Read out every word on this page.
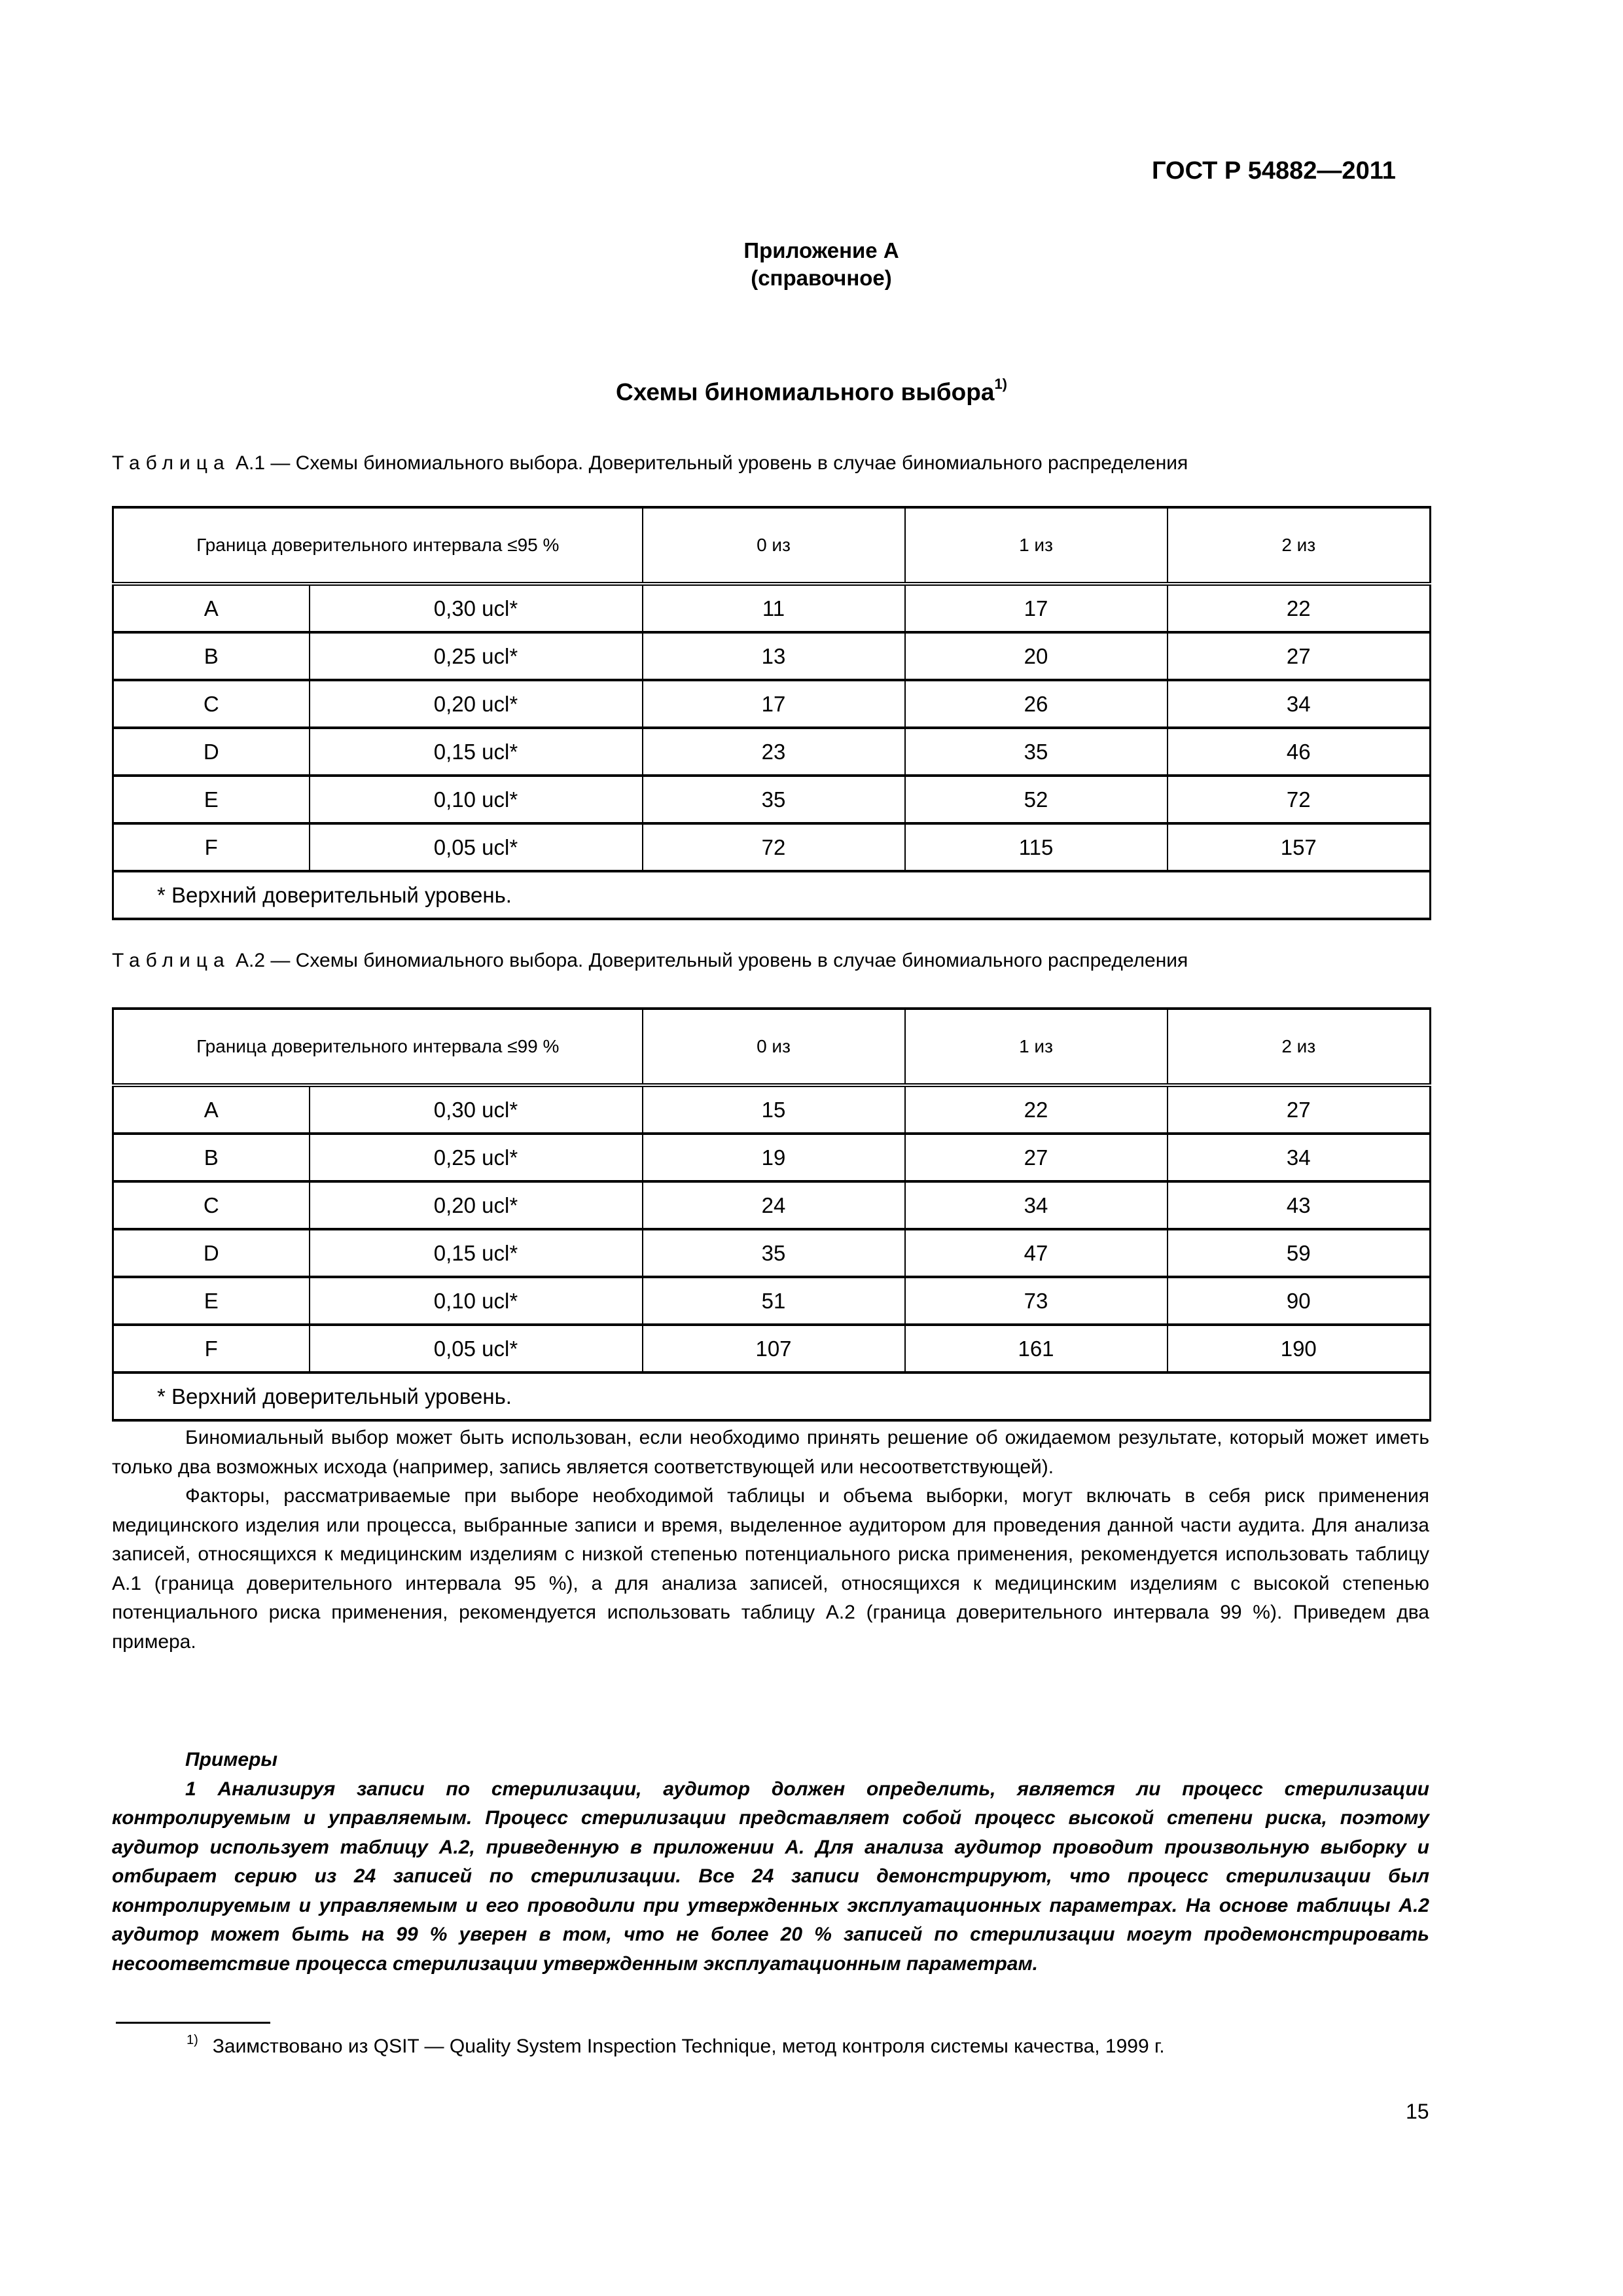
ГОСТ Р 54882—2011
Приложение А
(справочное)
Схемы биномиального выбора$^{1)}$
Таблица А.1 — Схемы биномиального выбора. Доверительный уровень в случае биномиального распределения
Граница доверительного интервала ≤95 %		0 из	1 из	2 из
A	0,30 ucl*	11	17	22
B	0,25 ucl*	13	20	27
C	0,20 ucl*	17	26	34
D	0,15 ucl*	23	35	46
E	0,10 ucl*	35	52	72
F	0,05 ucl*	72	115	157
* Верхний доверительный уровень.				
Таблица А.2 — Схемы биномиального выбора. Доверительный уровень в случае биномиального распределения
Граница доверительного интервала ≤99 %		0 из	1 из	2 из
A	0,30 ucl*	15	22	27
B	0,25 ucl*	19	27	34
C	0,20 ucl*	24	34	43
D	0,15 ucl*	35	47	59
E	0,10 ucl*	51	73	90
F	0,05 ucl*	107	161	190
* Верхний доверительный уровень.				

Биномиальный выбор может быть использован, если необходимо принять решение об ожидаемом результате, который может иметь только два возможных исхода (например, запись является соответствующей или несоответствующей).

Факторы, рассматриваемые при выборе необходимой таблицы и объема выборки, могут включать в себя риск применения медицинского изделия или процесса, выбранные записи и время, выделенное аудитором для проведения данной части аудита. Для анализа записей, относящихся к медицинским изделиям с низкой степенью потенциального риска применения, рекомендуется использовать таблицу А.1 (граница доверительного интервала 95 %), а для анализа записей, относящихся к медицинским изделиям с высокой степенью потенциального риска применения, рекомендуется использовать таблицу А.2 (граница доверительного интервала 99 %). Приведем два примера.

Примеры

1 Анализируя записи по стерилизации, аудитор должен определить, является ли процесс стерилизации контролируемым и управляемым. Процесс стерилизации представляет собой процесс высокой степени риска, поэтому аудитор использует таблицу А.2, приведенную в приложении А. Для анализа аудитор проводит произвольную выборку и отбирает серию из 24 записей по стерилизации. Все 24 записи демонстрируют, что процесс стерилизации был контролируемым и управляемым и его проводили при утвержденных эксплуатационных параметрах. На основе таблицы А.2 аудитор может быть на 99 % уверен в том, что не более 20 % записей по стерилизации могут продемонстрировать несоответствие процесса стерилизации утвержденным эксплуатационным параметрам.

$^{1)}$ Заимствовано из QSIT — Quality System Inspection Technique, метод контроля системы качества, 1999 г.
15
